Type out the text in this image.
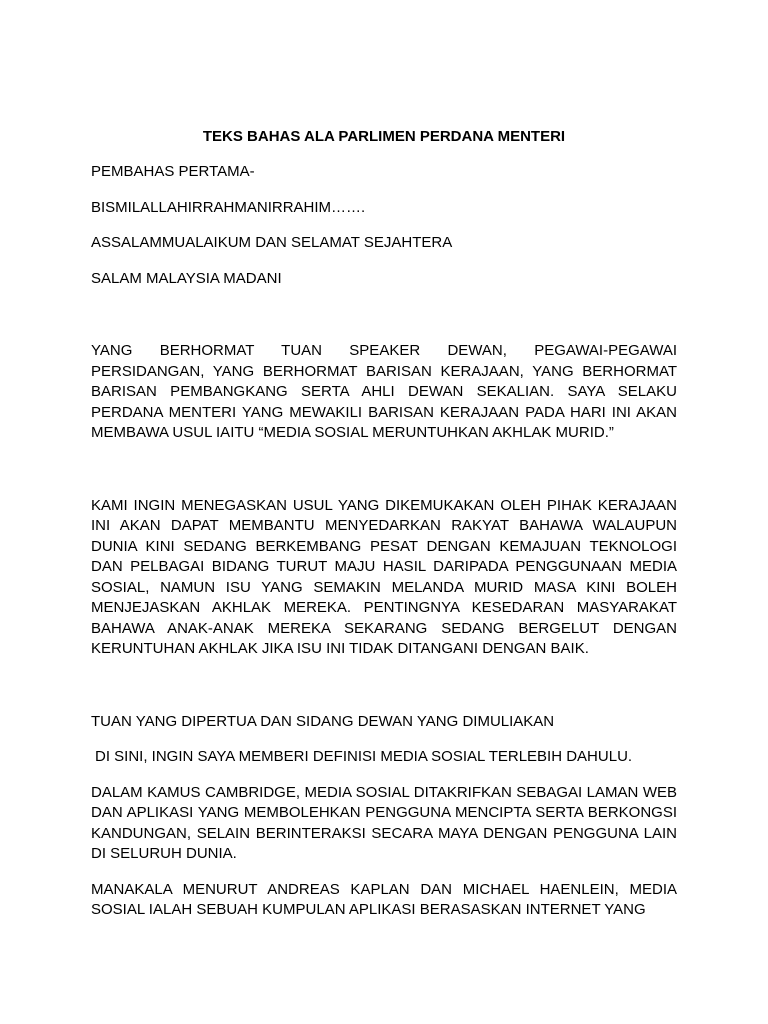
TEKS BAHAS ALA PARLIMEN PERDANA MENTERI
PEMBAHAS PERTAMA-
BISMILALLAHIRRAHMANIRRAHIM…….
ASSALAMMUALAIKUM DAN SELAMAT SEJAHTERA
SALAM MALAYSIA MADANI
YANG BERHORMAT TUAN SPEAKER DEWAN, PEGAWAI-PEGAWAI PERSIDANGAN, YANG BERHORMAT BARISAN KERAJAAN, YANG BERHORMAT BARISAN PEMBANGKANG SERTA AHLI DEWAN SEKALIAN. SAYA SELAKU PERDANA MENTERI YANG MEWAKILI BARISAN KERAJAAN PADA HARI INI AKAN MEMBAWA USUL IAITU “MEDIA SOSIAL MERUNTUHKAN AKHLAK MURID.”
KAMI INGIN MENEGASKAN USUL YANG DIKEMUKAKAN OLEH PIHAK KERAJAAN INI AKAN DAPAT MEMBANTU MENYEDARKAN RAKYAT BAHAWA WALAUPUN DUNIA KINI SEDANG BERKEMBANG PESAT DENGAN KEMAJUAN TEKNOLOGI DAN PELBAGAI BIDANG TURUT MAJU HASIL DARIPADA PENGGUNAAN MEDIA SOSIAL, NAMUN ISU YANG SEMAKIN MELANDA MURID MASA KINI BOLEH MENJEJASKAN AKHLAK MEREKA. PENTINGNYA KESEDARAN MASYARAKAT BAHAWA ANAK-ANAK MEREKA SEKARANG SEDANG BERGELUT DENGAN KERUNTUHAN AKHLAK JIKA ISU INI TIDAK DITANGANI DENGAN BAIK.
TUAN YANG DIPERTUA DAN SIDANG DEWAN YANG DIMULIAKAN
DI SINI, INGIN SAYA MEMBERI DEFINISI MEDIA SOSIAL TERLEBIH DAHULU.
DALAM KAMUS CAMBRIDGE, MEDIA SOSIAL DITAKRIFKAN SEBAGAI LAMAN WEB DAN APLIKASI YANG MEMBOLEHKAN PENGGUNA MENCIPTA SERTA BERKONGSI KANDUNGAN, SELAIN BERINTERAKSI SECARA MAYA DENGAN PENGGUNA LAIN DI SELURUH DUNIA.
MANAKALA MENURUT ANDREAS KAPLAN DAN MICHAEL HAENLEIN, MEDIA SOSIAL IALAH SEBUAH KUMPULAN APLIKASI BERASASKAN INTERNET YANG
